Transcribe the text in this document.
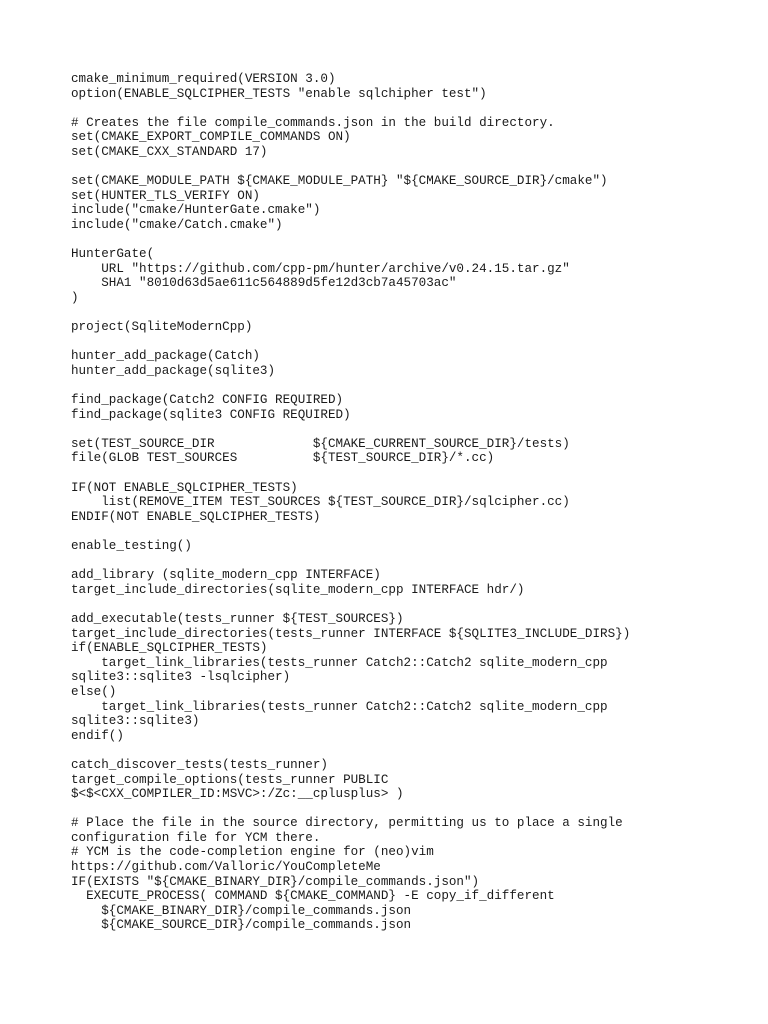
cmake_minimum_required(VERSION 3.0)
option(ENABLE_SQLCIPHER_TESTS "enable sqlchipher test")
# Creates the file compile_commands.json in the build directory.
set(CMAKE_EXPORT_COMPILE_COMMANDS ON)
set(CMAKE_CXX_STANDARD 17)
set(CMAKE_MODULE_PATH ${CMAKE_MODULE_PATH} "${CMAKE_SOURCE_DIR}/cmake")
set(HUNTER_TLS_VERIFY ON)
include("cmake/HunterGate.cmake")
include("cmake/Catch.cmake")
HunterGate(
URL "https://github.com/cpp-pm/hunter/archive/v0.24.15.tar.gz"
SHA1 "8010d63d5ae611c564889d5fe12d3cb7a45703ac"
)
project(SqliteModernCpp)
hunter_add_package(Catch)
hunter_add_package(sqlite3)
find_package(Catch2 CONFIG REQUIRED)
find_package(sqlite3 CONFIG REQUIRED)
set(TEST_SOURCE_DIR             ${CMAKE_CURRENT_SOURCE_DIR}/tests)
file(GLOB TEST_SOURCES          ${TEST_SOURCE_DIR}/*.cc)
IF(NOT ENABLE_SQLCIPHER_TESTS)
list(REMOVE_ITEM TEST_SOURCES ${TEST_SOURCE_DIR}/sqlcipher.cc)
ENDIF(NOT ENABLE_SQLCIPHER_TESTS)
enable_testing()
add_library (sqlite_modern_cpp INTERFACE)
target_include_directories(sqlite_modern_cpp INTERFACE hdr/)
add_executable(tests_runner ${TEST_SOURCES})
target_include_directories(tests_runner INTERFACE ${SQLITE3_INCLUDE_DIRS})
if(ENABLE_SQLCIPHER_TESTS)
target_link_libraries(tests_runner Catch2::Catch2 sqlite_modern_cpp
sqlite3::sqlite3 -lsqlcipher)
else()
target_link_libraries(tests_runner Catch2::Catch2 sqlite_modern_cpp
sqlite3::sqlite3)
endif()
catch_discover_tests(tests_runner)
target_compile_options(tests_runner PUBLIC
$<$<CXX_COMPILER_ID:MSVC>:/Zc:__cplusplus> )
# Place the file in the source directory, permitting us to place a single
configuration file for YCM there.
# YCM is the code-completion engine for (neo)vim
https://github.com/Valloric/YouCompleteMe
IF(EXISTS "${CMAKE_BINARY_DIR}/compile_commands.json")
EXECUTE_PROCESS( COMMAND ${CMAKE_COMMAND} -E copy_if_different
${CMAKE_BINARY_DIR}/compile_commands.json
${CMAKE_SOURCE_DIR}/compile_commands.json
